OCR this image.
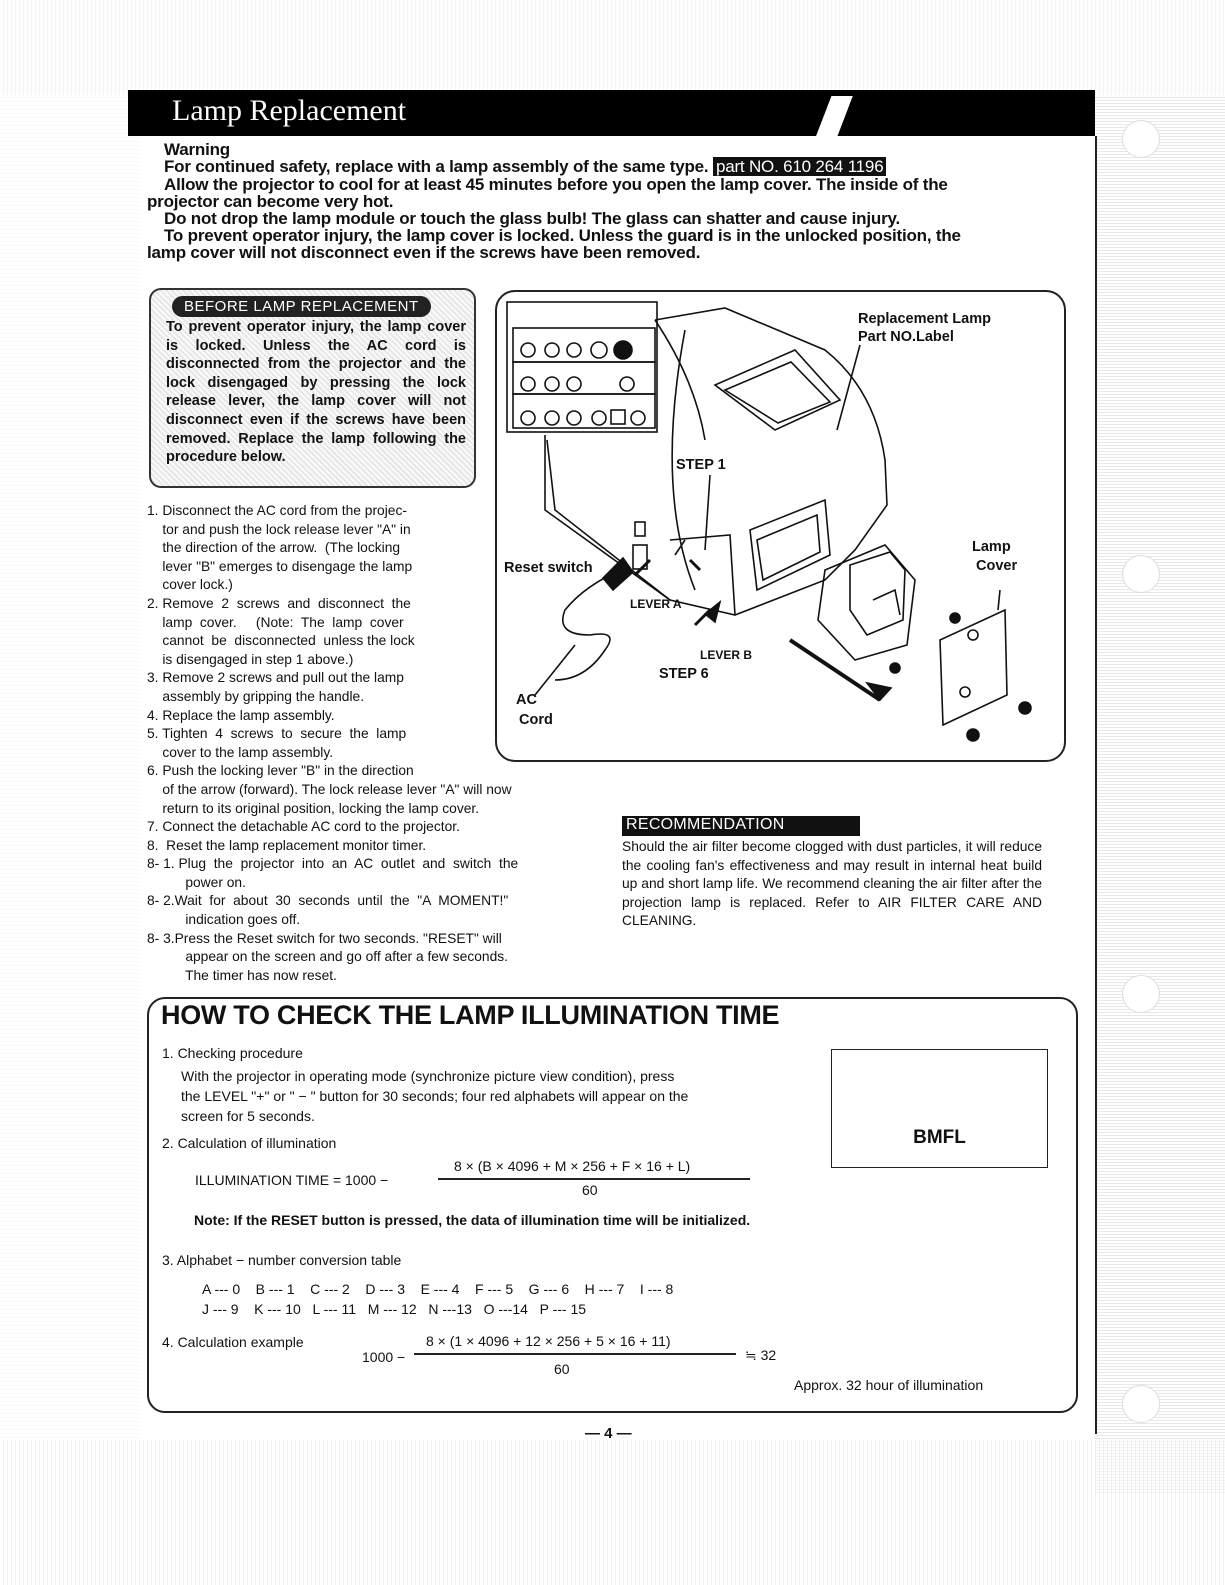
Lamp Replacement	////
Warning
For continued safety, replace with a lamp assembly of the same type. part NO. 610 264 1196
Allow the projector to cool for at least 45 minutes before you open the lamp cover. The inside of the
projector can become very hot.
Do not drop the lamp module or touch the glass bulb! The glass can shatter and cause injury.
To prevent operator injury, the lamp cover is locked. Unless the guard is in the unlocked position, the
lamp cover will not disconnect even if the screws have been removed.
BEFORE LAMP REPLACEMENT
To prevent operator injury, the lamp cover is locked. Unless the AC cord is disconnected from the projector and the lock disengaged by pressing the lock release lever, the lamp cover will not disconnect even if the screws have been removed. Replace the lamp following the procedure below.
1. Disconnect the AC cord from the projec-
tor and push the lock release lever "A" in
the direction of the arrow.  (The locking
lever "B" emerges to disengage the lamp
cover lock.)
2. Remove  2  screws  and  disconnect  the
lamp  cover.     (Note:  The  lamp  cover
cannot  be  disconnected  unless the lock
is disengaged in step 1 above.)
3. Remove 2 screws and pull out the lamp
assembly by gripping the handle.
4. Replace the lamp assembly.
5. Tighten  4  screws  to  secure  the  lamp
cover to the lamp assembly.
6. Push the locking lever "B" in the direction
of the arrow (forward). The lock release lever "A" will now
return to its original position, locking the lamp cover.
7. Connect the detachable AC cord to the projector.
8.  Reset the lamp replacement monitor timer.
8- 1. Plug  the  projector  into  an  AC  outlet  and  switch  the
power on.
8- 2.Wait  for  about  30  seconds  until  the  "A  MOMENT!"
indication goes off.
8- 3.Press the Reset switch for two seconds. "RESET" will
appear on the screen and go off after a few seconds.
The timer has now reset.
Replacement Lamp
Part NO.Label
STEP 1
Reset switch
LEVER A
LEVER B
STEP 6
AC
Cord
Lamp
Cover
RECOMMENDATION
Should the air filter become clogged with dust particles, it will reduce the cooling fan's effectiveness and may result in internal heat build up and short lamp life. We recommend cleaning the air filter after the projection lamp is replaced. Refer to AIR FILTER CARE AND CLEANING.
HOW TO CHECK THE LAMP ILLUMINATION TIME
1. Checking procedure
With the projector in operating mode (synchronize picture view condition), press
the LEVEL "+" or " − " button for 30 seconds; four red alphabets will appear on the
screen for 5 seconds.
BMFL
2. Calculation of illumination
ILLUMINATION TIME = 1000 −
8 × (B × 4096 + M × 256 + F × 16 + L)
60
Note: If the RESET button is pressed, the data of illumination time will be initialized.
3. Alphabet − number conversion table
A --- 0    B --- 1    C --- 2    D --- 3    E --- 4    F --- 5    G --- 6    H --- 7    I --- 8
J --- 9    K --- 10   L --- 11   M --- 12   N ---13   O ---14   P --- 15
4. Calculation example
1000 −
8 × (1 × 4096 + 12 × 256 + 5 × 16 + 11)
60
≒ 32
Approx. 32 hour of illumination
— 4 —
